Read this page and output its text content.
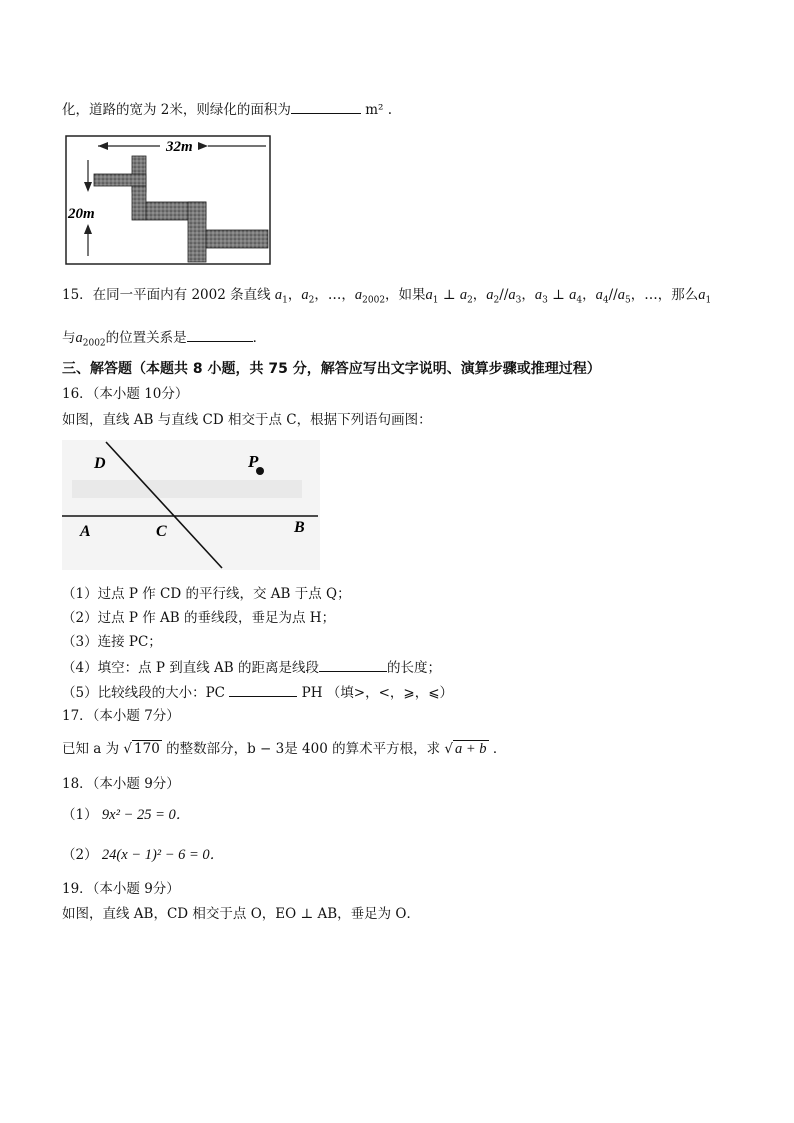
化，道路的宽为 2米，则绿化的面积为	m² .
32m
20m
15．在同一平面内有 2002 条直线 $a_1$，$a_2$，…，$a_{2002}$，如果$a_1$ ⊥ $a_2$，$a_2//a_3$，$a_3$ ⊥ $a_4$，$a_4//a_5$，…，那么$a_1$
与$a_{2002}$的位置关系是	．
三、解答题（本题共 8 小题，共 75 分，解答应写出文字说明、演算步骤或推理过程）
16．（本小题 10分）
如图，直线 AB 与直线 CD 相交于点 C，根据下列语句画图：
D	P
A	C	B
（1）过点 P 作 CD 的平行线，交 AB 于点 Q；
（2）过点 P 作 AB 的垂线段，垂足为点 H；
（3）连接 PC；
（4）填空：点 P 到直线 AB 的距离是线段	的长度；
（5）比较线段的大小：PC	PH （填>，<，⩾，⩽）
17．（本小题 7分）
已知 a 为 √ 170 的整数部分，b − 3是 400 的算术平方根，求 √ a + b ．
18．（本小题 9分）
（1） 9x² − 25 = 0．
（2） 24(x − 1)² − 6 = 0．
19．（本小题 9分）
如图，直线 AB，CD 相交于点 O，EO ⊥ AB，垂足为 O．
